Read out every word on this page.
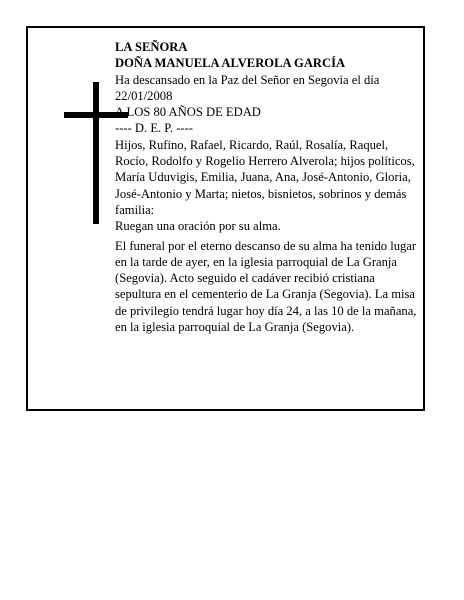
LA SEÑORA

DOÑA MANUELA ALVEROLA GARCÍA

Ha descansado en la Paz del Señor en Segovia el día 22/01/2008

A LOS 80 AÑOS DE EDAD

---- D. E. P. ----

Hijos, Rufino, Rafael, Ricardo, Raúl, Rosalía, Raquel, Rocío, Rodolfo y Rogelio Herrero Alverola; hijos políticos, María Uduvigis, Emilia, Juana, Ana, José-Antonio, Gloria, José-Antonio y Marta; nietos, bisnietos, sobrinos y demás familia:

Ruegan una oración por su alma.

El funeral por el eterno descanso de su alma ha tenido lugar en la tarde de ayer, en la iglesia parroquial de La Granja (Segovia). Acto seguido el cadáver recibió cristiana sepultura en el cementerio de La Granja (Segovia). La misa de privilegio tendrá lugar hoy día 24, a las 10 de la mañana, en la iglesia parroquial de La Granja (Segovia).
